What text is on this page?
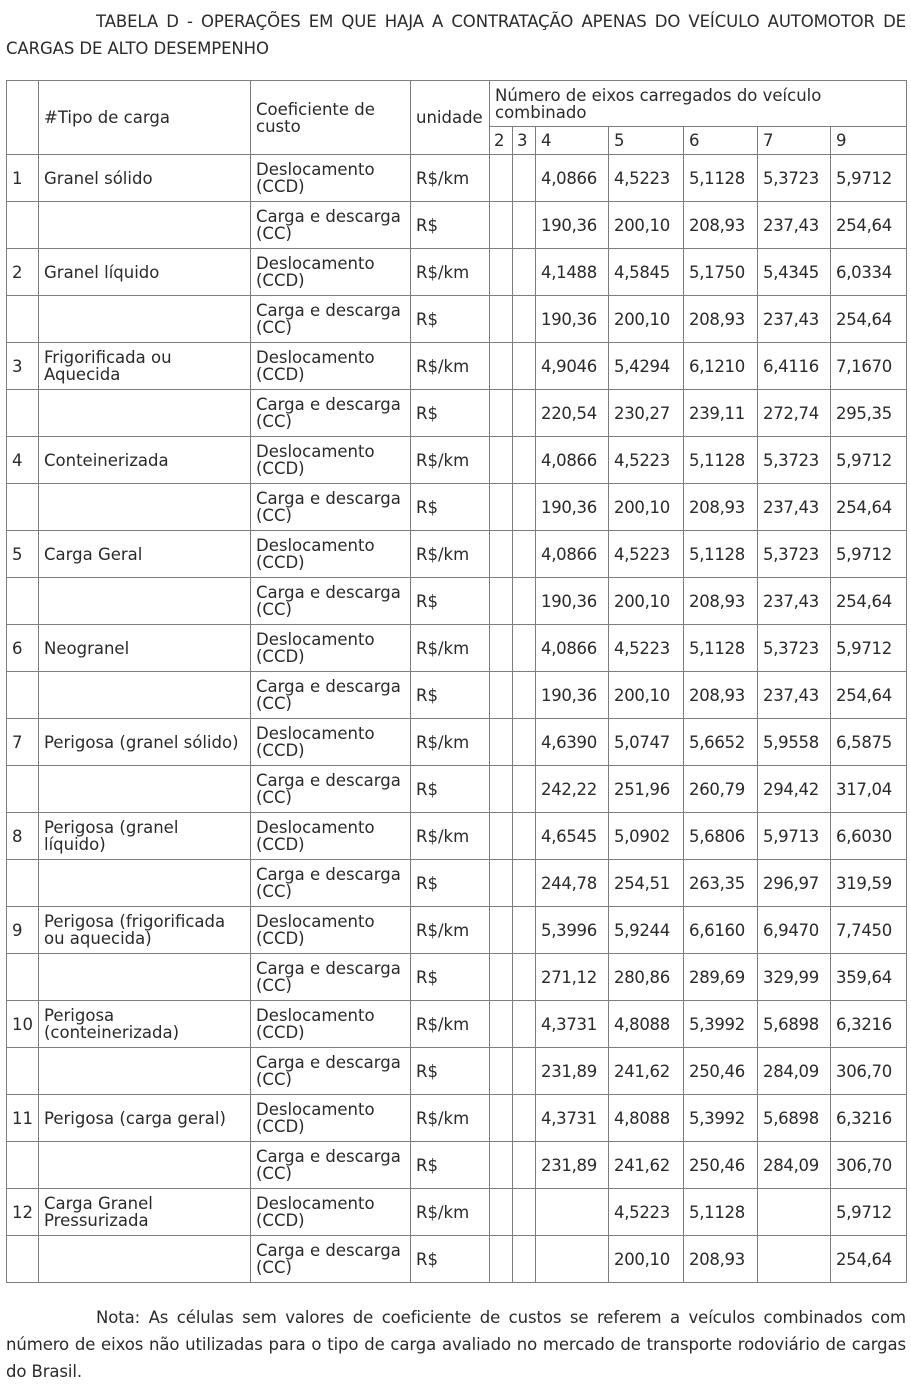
TABELA D - OPERAÇÕES EM QUE HAJA A CONTRATAÇÃO APENAS DO VEÍCULO AUTOMOTOR DE CARGAS DE ALTO DESEMPENHO
	#Tipo de carga	Coeficiente de custo	unidade	Número de eixos carregados do veículo combinado						
				2	3	4	5	6	7	9
1	Granel sólido	Deslocamento (CCD)	R$/km			4,0866	4,5223	5,1128	5,3723	5,9712
		Carga e descarga (CC)	R$			190,36	200,10	208,93	237,43	254,64
2	Granel líquido	Deslocamento (CCD)	R$/km			4,1488	4,5845	5,1750	5,4345	6,0334
		Carga e descarga (CC)	R$			190,36	200,10	208,93	237,43	254,64
3	Frigorificada ou Aquecida	Deslocamento (CCD)	R$/km			4,9046	5,4294	6,1210	6,4116	7,1670
		Carga e descarga (CC)	R$			220,54	230,27	239,11	272,74	295,35
4	Conteinerizada	Deslocamento (CCD)	R$/km			4,0866	4,5223	5,1128	5,3723	5,9712
		Carga e descarga (CC)	R$			190,36	200,10	208,93	237,43	254,64
5	Carga Geral	Deslocamento (CCD)	R$/km			4,0866	4,5223	5,1128	5,3723	5,9712
		Carga e descarga (CC)	R$			190,36	200,10	208,93	237,43	254,64
6	Neogranel	Deslocamento (CCD)	R$/km			4,0866	4,5223	5,1128	5,3723	5,9712
		Carga e descarga (CC)	R$			190,36	200,10	208,93	237,43	254,64
7	Perigosa (granel sólido)	Deslocamento (CCD)	R$/km			4,6390	5,0747	5,6652	5,9558	6,5875
		Carga e descarga (CC)	R$			242,22	251,96	260,79	294,42	317,04
8	Perigosa (granel líquido)	Deslocamento (CCD)	R$/km			4,6545	5,0902	5,6806	5,9713	6,6030
		Carga e descarga (CC)	R$			244,78	254,51	263,35	296,97	319,59
9	Perigosa (frigorificada ou aquecida)	Deslocamento (CCD)	R$/km			5,3996	5,9244	6,6160	6,9470	7,7450
		Carga e descarga (CC)	R$			271,12	280,86	289,69	329,99	359,64
10	Perigosa (conteinerizada)	Deslocamento (CCD)	R$/km			4,3731	4,8088	5,3992	5,6898	6,3216
		Carga e descarga (CC)	R$			231,89	241,62	250,46	284,09	306,70
11	Perigosa (carga geral)	Deslocamento (CCD)	R$/km			4,3731	4,8088	5,3992	5,6898	6,3216
		Carga e descarga (CC)	R$			231,89	241,62	250,46	284,09	306,70
12	Carga Granel Pressurizada	Deslocamento (CCD)	R$/km				4,5223	5,1128		5,9712
		Carga e descarga (CC)	R$				200,10	208,93		254,64
Nota: As células sem valores de coeficiente de custos se referem a veículos combinados com número de eixos não utilizadas para o tipo de carga avaliado no mercado de transporte rodoviário de cargas do Brasil.
